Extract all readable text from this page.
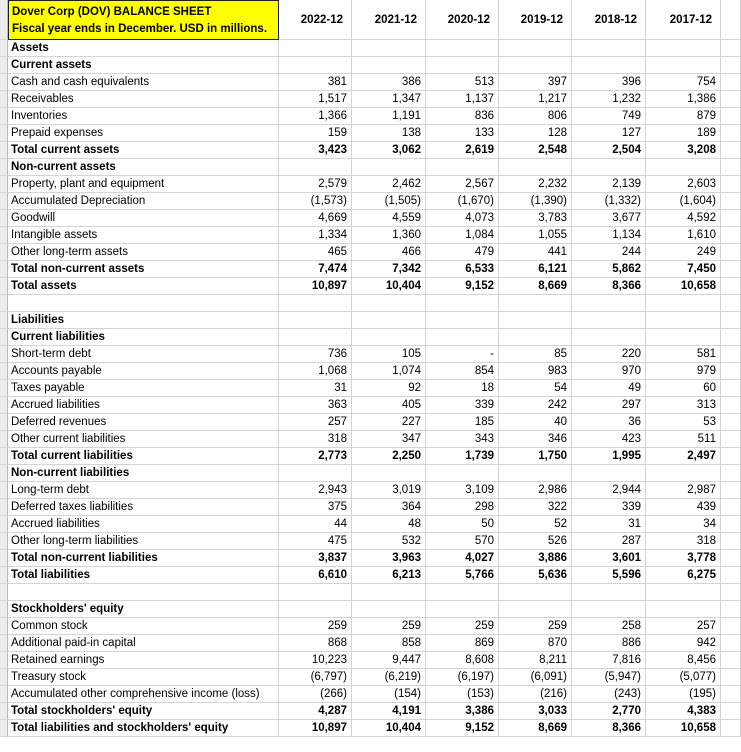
Dover Corp (DOV) BALANCE SHEET
Fiscal year ends in December. USD in millions.
2022-12	2021-12	2020-12	2019-12	2018-12	2017-12
Assets
Current assets
Cash and cash equivalents	381	386	513	397	396	754
Receivables	1,517	1,347	1,137	1,217	1,232	1,386
Inventories	1,366	1,191	836	806	749	879
Prepaid expenses	159	138	133	128	127	189
Total current assets	3,423	3,062	2,619	2,548	2,504	3,208
Non-current assets
Property, plant and equipment	2,579	2,462	2,567	2,232	2,139	2,603
Accumulated Depreciation	(1,573)	(1,505)	(1,670)	(1,390)	(1,332)	(1,604)
Goodwill	4,669	4,559	4,073	3,783	3,677	4,592
Intangible assets	1,334	1,360	1,084	1,055	1,134	1,610
Other long-term assets	465	466	479	441	244	249
Total non-current assets	7,474	7,342	6,533	6,121	5,862	7,450
Total assets	10,897	10,404	9,152	8,669	8,366	10,658
Liabilities
Current liabilities
Short-term debt	736	105	-	85	220	581
Accounts payable	1,068	1,074	854	983	970	979
Taxes payable	31	92	18	54	49	60
Accrued liabilities	363	405	339	242	297	313
Deferred revenues	257	227	185	40	36	53
Other current liabilities	318	347	343	346	423	511
Total current liabilities	2,773	2,250	1,739	1,750	1,995	2,497
Non-current liabilities
Long-term debt	2,943	3,019	3,109	2,986	2,944	2,987
Deferred taxes liabilities	375	364	298	322	339	439
Accrued liabilities	44	48	50	52	31	34
Other long-term liabilities	475	532	570	526	287	318
Total non-current liabilities	3,837	3,963	4,027	3,886	3,601	3,778
Total liabilities	6,610	6,213	5,766	5,636	5,596	6,275
Stockholders' equity
Common stock	259	259	259	259	258	257
Additional paid-in capital	868	858	869	870	886	942
Retained earnings	10,223	9,447	8,608	8,211	7,816	8,456
Treasury stock	(6,797)	(6,219)	(6,197)	(6,091)	(5,947)	(5,077)
Accumulated other comprehensive income (loss)	(266)	(154)	(153)	(216)	(243)	(195)
Total stockholders' equity	4,287	4,191	3,386	3,033	2,770	4,383
Total liabilities and stockholders' equity	10,897	10,404	9,152	8,669	8,366	10,658
